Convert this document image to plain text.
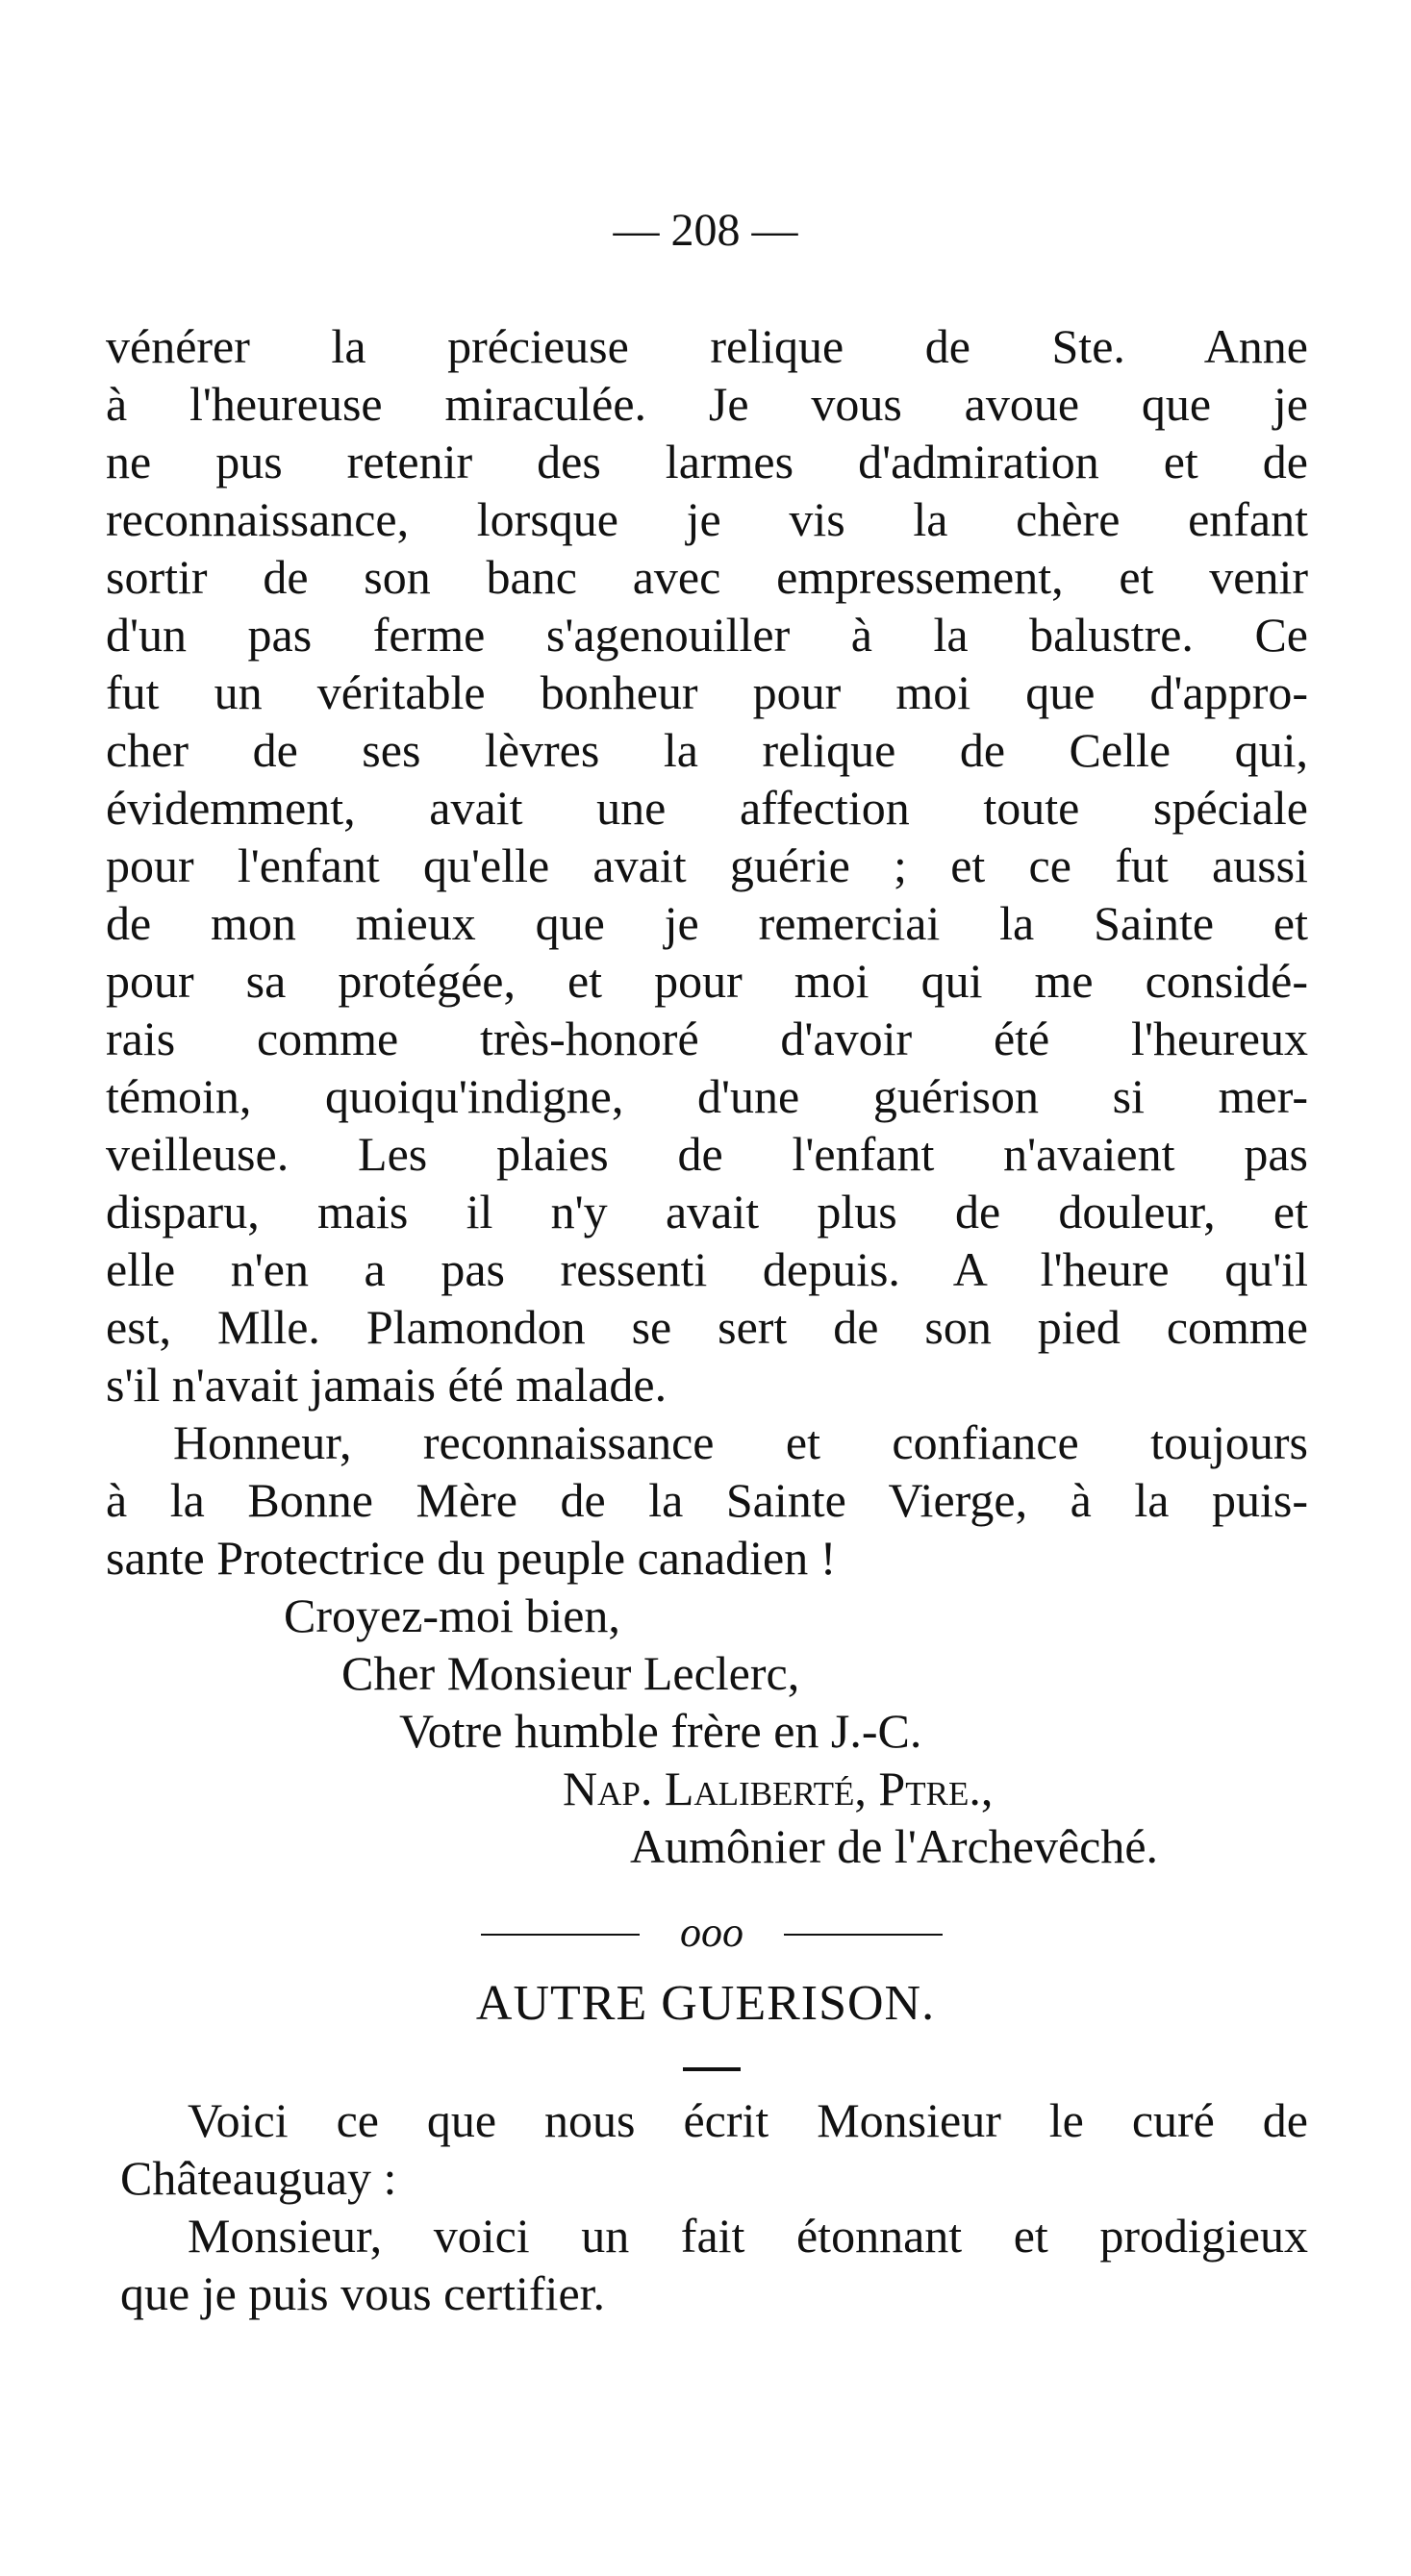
— 208 —
vénérer la précieuse relique de Ste. Anne
à l'heureuse miraculée. Je vous avoue que je
ne pus retenir des larmes d'admiration et de
reconnaissance, lorsque je vis la chère enfant
sortir de son banc avec empressement, et venir
d'un pas ferme s'agenouiller à la balustre. Ce
fut un véritable bonheur pour moi que d'appro-
cher de ses lèvres la relique de Celle qui,
évidemment, avait une affection toute spéciale
pour l'enfant qu'elle avait guérie ; et ce fut aussi
de mon mieux que je remerciai la Sainte et
pour sa protégée, et pour moi qui me considé-
rais comme très-honoré d'avoir été l'heureux
témoin, quoiqu'indigne, d'une guérison si mer-
veilleuse. Les plaies de l'enfant n'avaient pas
disparu, mais il n'y avait plus de douleur, et
elle n'en a pas ressenti depuis. A l'heure qu'il
est, Mlle. Plamondon se sert de son pied comme
s'il n'avait jamais été malade.
Honneur, reconnaissance et confiance toujours
à la Bonne Mère de la Sainte Vierge, à la puis-
sante Protectrice du peuple canadien !
Croyez-moi bien,
Cher Monsieur Leclerc,
Votre humble frère en J.-C.
Nap. Laliberté, Ptre.,
Aumônier de l'Archevêché.
ooo
AUTRE GUERISON.
Voici ce que nous écrit Monsieur le curé de
Châteauguay :
Monsieur, voici un fait étonnant et prodigieux
que je puis vous certifier.
